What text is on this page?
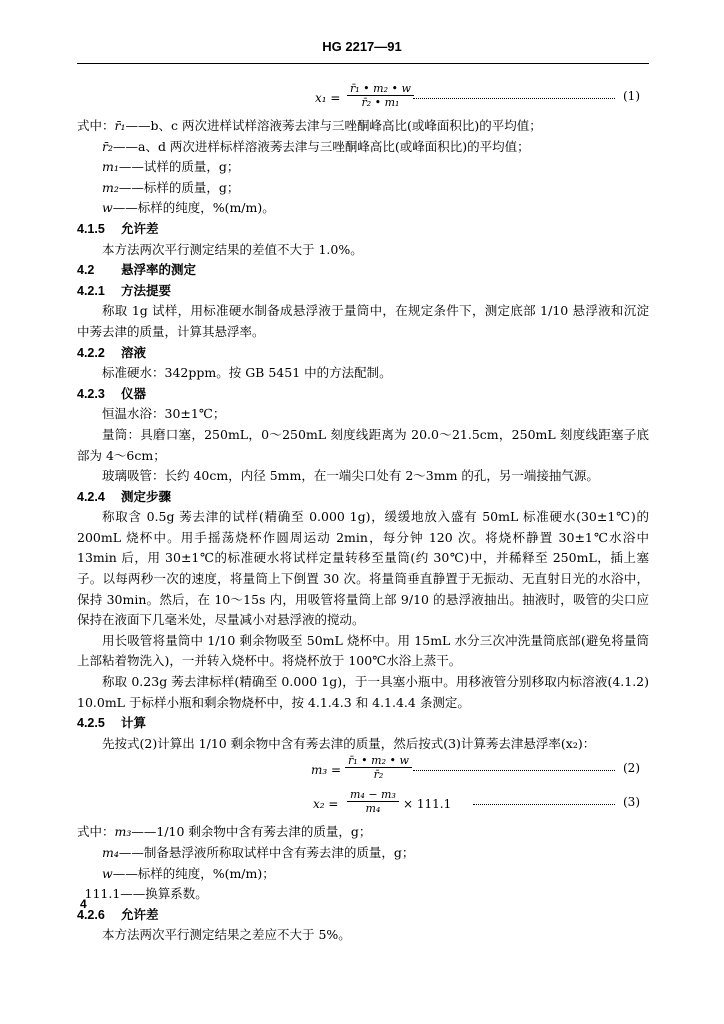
HG 2217—91
$x_1 = \frac{\text{r̄₁ • m₂ • w}}{\text{r̄₂ • m₁}}$	(1)
式中：r̄₁——b、c 两次进样试样溶液莠去津与三唑酮峰高比(或峰面积比)的平均值；
r̄₂——a、d 两次进样标样溶液莠去津与三唑酮峰高比(或峰面积比)的平均值；
m₁——试样的质量，g；
m₂——标样的质量，g；
w——标样的纯度，%(m/m)。
4.1.5 允许差
本方法两次平行测定结果的差值不大于 1.0%。
4.2 悬浮率的测定
4.2.1 方法提要
称取 1g 试样，用标准硬水制备成悬浮液于量筒中，在规定条件下，测定底部 1/10 悬浮液和沉淀中莠去津的质量，计算其悬浮率。
4.2.2 溶液
标准硬水：342ppm。按 GB 5451 中的方法配制。
4.2.3 仪器
恒温水浴：30±1℃；
量筒：具磨口塞，250mL，0～250mL 刻度线距离为 20.0～21.5cm，250mL 刻度线距塞子底部为 4～6cm；
玻璃吸管：长约 40cm，内径 5mm，在一端尖口处有 2～3mm 的孔，另一端接抽气源。
4.2.4 测定步骤
称取含 0.5g 莠去津的试样(精确至 0.000 1g)，缓缓地放入盛有 50mL 标准硬水(30±1℃)的 200mL 烧杯中。用手摇荡烧杯作圆周运动 2min，每分钟 120 次。将烧杯静置 30±1℃水浴中 13min 后，用 30±1℃的标准硬水将试样定量转移至量筒(约 30℃)中，并稀释至 250mL，插上塞子。以每两秒一次的速度，将量筒上下倒置 30 次。将量筒垂直静置于无振动、无直射日光的水浴中，保持 30min。然后，在 10～15s 内，用吸管将量筒上部 9/10 的悬浮液抽出。抽液时，吸管的尖口应保持在液面下几毫米处，尽量减小对悬浮液的搅动。
用长吸管将量筒中 1/10 剩余物吸至 50mL 烧杯中。用 15mL 水分三次冲洗量筒底部(避免将量筒上部粘着物洗入)，一并转入烧杯中。将烧杯放于 100℃水浴上蒸干。
称取 0.23g 莠去津标样(精确至 0.000 1g)，于一具塞小瓶中。用移液管分别移取内标溶液(4.1.2) 10.0mL 于标样小瓶和剩余物烧杯中，按 4.1.4.3 和 4.1.4.4 条测定。
4.2.5 计算
先按式(2)计算出 1/10 剩余物中含有莠去津的质量，然后按式(3)计算莠去津悬浮率(x₂)：
$m_3 = \frac{\text{r̄₁ • m₂ • w}}{\text{r̄₂}}$	(2)
$x_2 = \frac{\text{m₄ − m₃}}{\text{m₄}} \times 111.1$	(3)
式中：m₃——1/10 剩余物中含有莠去津的质量，g；
m₄——制备悬浮液所称取试样中含有莠去津的质量，g；
w——标样的纯度，%(m/m)；
111.1——换算系数。
4.2.6 允许差
本方法两次平行测定结果之差应不大于 5%。
4
